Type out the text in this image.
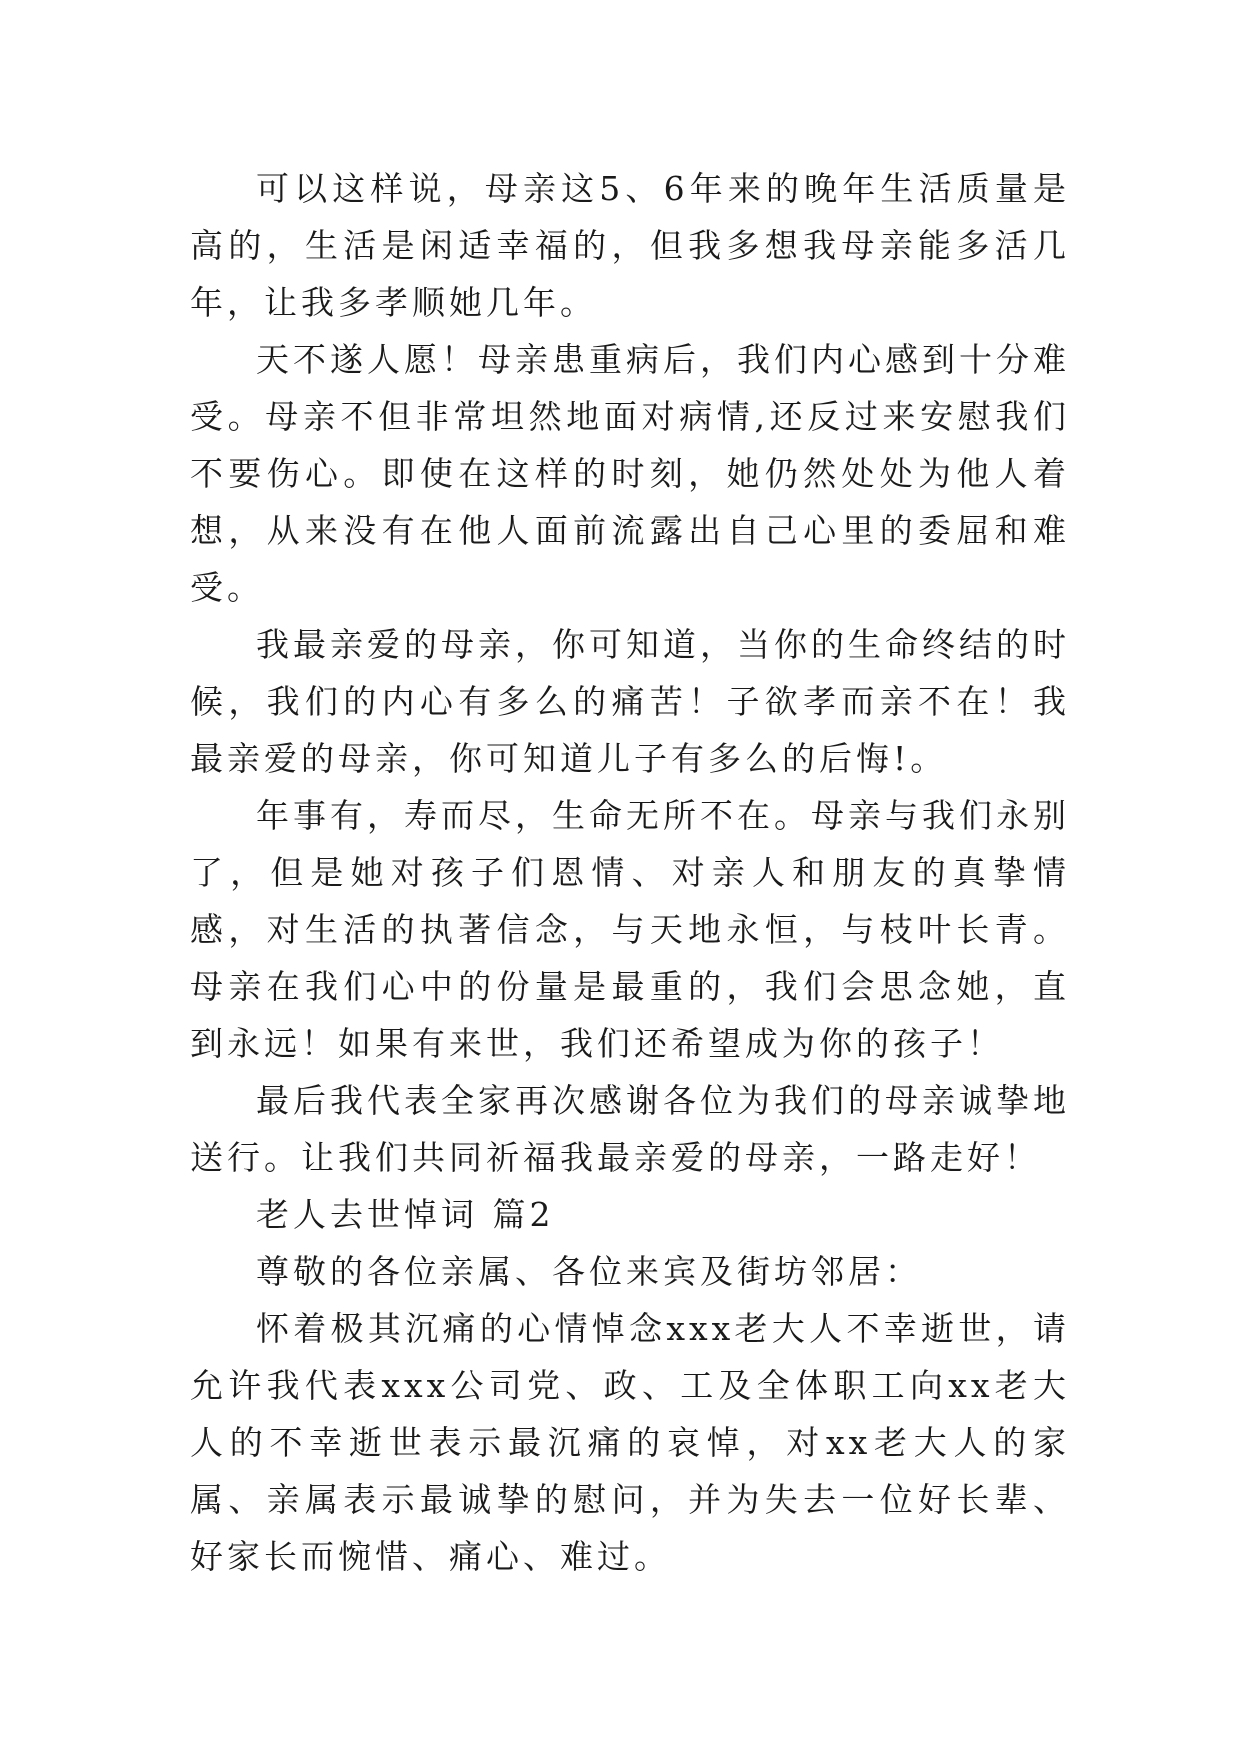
可以这样说，母亲这5、6年来的晚年生活质量是高的，生活是闲适幸福的，但我多想我母亲能多活几年，让我多孝顺她几年。

天不遂人愿！母亲患重病后，我们内心感到十分难受。母亲不但非常坦然地面对病情,还反过来安慰我们不要伤心。即使在这样的时刻，她仍然处处为他人着想，从来没有在他人面前流露出自己心里的委屈和难受。

我最亲爱的母亲，你可知道，当你的生命终结的时候，我们的内心有多么的痛苦！子欲孝而亲不在！我最亲爱的母亲，你可知道儿子有多么的后悔!。

年事有，寿而尽，生命无所不在。母亲与我们永别了，但是她对孩子们恩情、对亲人和朋友的真挚情感，对生活的执著信念，与天地永恒，与枝叶长青。母亲在我们心中的份量是最重的，我们会思念她，直到永远！如果有来世，我们还希望成为你的孩子！

最后我代表全家再次感谢各位为我们的母亲诚挚地送行。让我们共同祈福我最亲爱的母亲，一路走好！

老人去世悼词 篇2

尊敬的各位亲属、各位来宾及街坊邻居：

怀着极其沉痛的心情悼念xxx老大人不幸逝世，请允许我代表xxx公司党、政、工及全体职工向xx老大人的不幸逝世表示最沉痛的哀悼，对xx老大人的家属、亲属表示最诚挚的慰问，并为失去一位好长辈、好家长而惋惜、痛心、难过。
